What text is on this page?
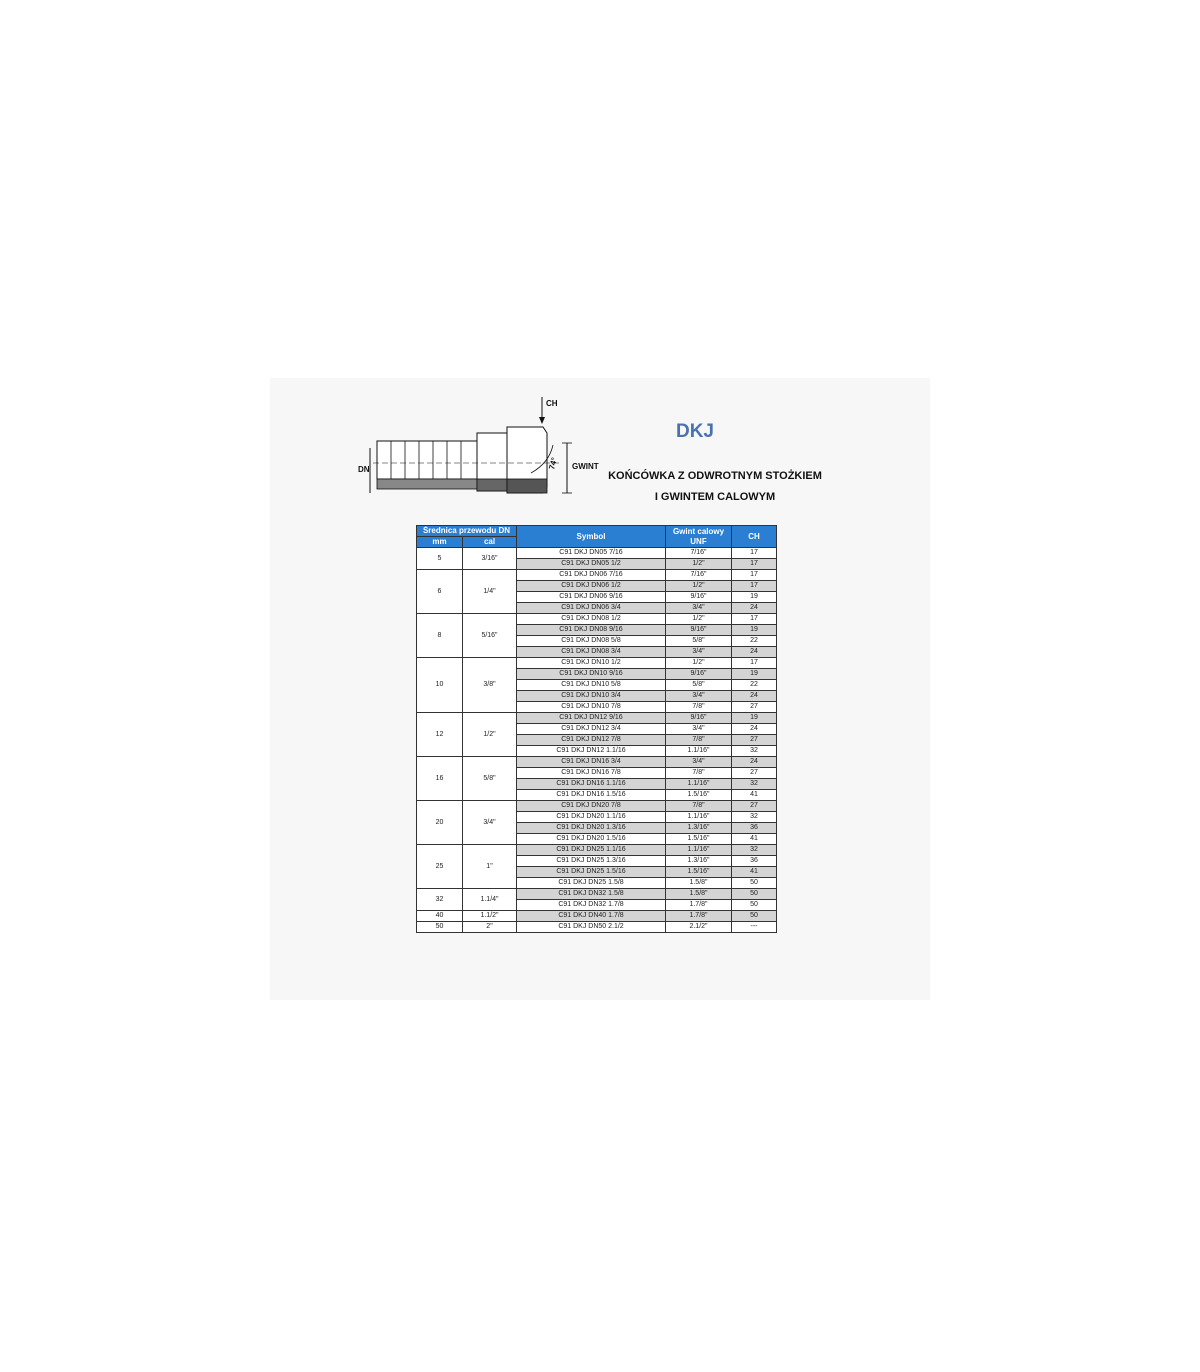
CH
DN	74° GWINT
DKJ
KOŃCÓWKA Z ODWROTNYM STOŻKIEM
I GWINTEM CALOWYM
Średnica przewodu DN		Symbol	Gwint calowy UNF	CH
mm	cal			
5	3/16"	C91 DKJ DN05 7/16	7/16"	17
		C91 DKJ DN05 1/2	1/2"	17
6	1/4"	C91 DKJ DN06 7/16	7/16"	17
		C91 DKJ DN06 1/2	1/2"	17
		C91 DKJ DN06 9/16	9/16"	19
		C91 DKJ DN06 3/4	3/4"	24
8	5/16"	C91 DKJ DN08 1/2	1/2"	17
		C91 DKJ DN08 9/16	9/16"	19
		C91 DKJ DN08 5/8	5/8"	22
		C91 DKJ DN08 3/4	3/4"	24
10	3/8"	C91 DKJ DN10 1/2	1/2"	17
		C91 DKJ DN10 9/16	9/16"	19
		C91 DKJ DN10 5/8	5/8"	22
		C91 DKJ DN10 3/4	3/4"	24
		C91 DKJ DN10 7/8	7/8"	27
12	1/2"	C91 DKJ DN12 9/16	9/16"	19
		C91 DKJ DN12 3/4	3/4"	24
		C91 DKJ DN12 7/8	7/8"	27
		C91 DKJ DN12 1.1/16	1.1/16"	32
16	5/8"	C91 DKJ DN16 3/4	3/4"	24
		C91 DKJ DN16 7/8	7/8"	27
		C91 DKJ DN16 1.1/16	1.1/16"	32
		C91 DKJ DN16 1.5/16	1.5/16"	41
20	3/4"	C91 DKJ DN20 7/8	7/8"	27
		C91 DKJ DN20 1.1/16	1.1/16"	32
		C91 DKJ DN20 1.3/16	1.3/16"	36
		C91 DKJ DN20 1.5/16	1.5/16"	41
25	1"	C91 DKJ DN25 1.1/16	1.1/16"	32
		C91 DKJ DN25 1.3/16	1.3/16"	36
		C91 DKJ DN25 1.5/16	1.5/16"	41
		C91 DKJ DN25 1.5/8	1.5/8"	50
32	1.1/4"	C91 DKJ DN32 1.5/8	1.5/8"	50
		C91 DKJ DN32 1.7/8	1.7/8"	50
40	1.1/2"	C91 DKJ DN40 1.7/8	1.7/8"	50
50	2"	C91 DKJ DN50 2.1/2	2.1/2"	---
